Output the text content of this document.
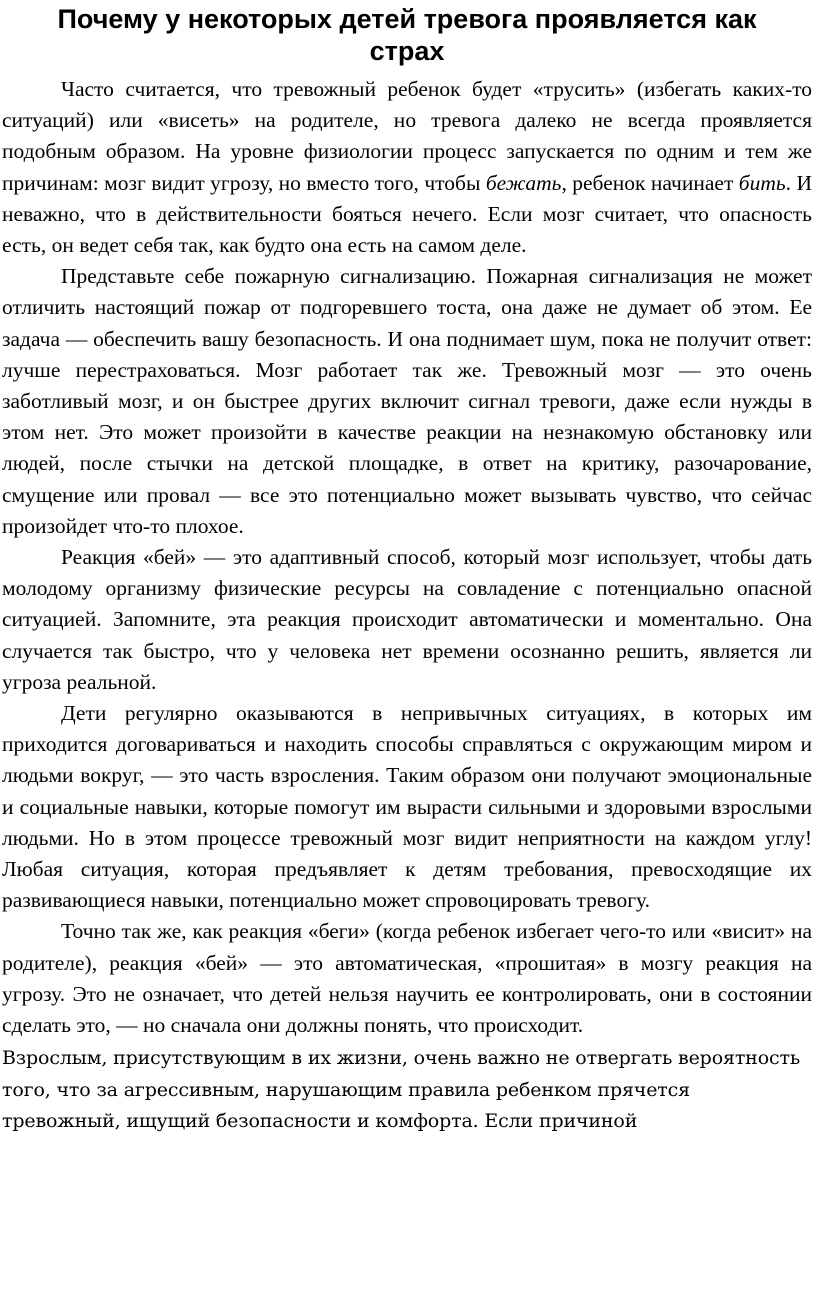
Почему у некоторых детей тревога проявляется как страх

Часто считается, что тревожный ребенок будет «трусить» (избегать каких-то ситуаций) или «висеть» на родителе, но тревога далеко не всегда проявляется подобным образом. На уровне физиологии процесс запускается по одним и тем же причинам: мозг видит угрозу, но вместо того, чтобы бежать, ребенок начинает бить. И неважно, что в действительности бояться нечего. Если мозг считает, что опасность есть, он ведет себя так, как будто она есть на самом деле.

Представьте себе пожарную сигнализацию. Пожарная сигнализация не может отличить настоящий пожар от подгоревшего тоста, она даже не думает об этом. Ее задача — обеспечить вашу безопасность. И она поднимает шум, пока не получит ответ: лучше перестраховаться. Мозг работает так же. Тревожный мозг — это очень заботливый мозг, и он быстрее других включит сигнал тревоги, даже если нужды в этом нет. Это может произойти в качестве реакции на незнакомую обстановку или людей, после стычки на детской площадке, в ответ на критику, разочарование, смущение или провал — все это потенциально может вызывать чувство, что сейчас произойдет что-то плохое.

Реакция «бей» — это адаптивный способ, который мозг использует, чтобы дать молодому организму физические ресурсы на совладение с потенциально опасной ситуацией. Запомните, эта реакция происходит автоматически и моментально. Она случается так быстро, что у человека нет времени осознанно решить, является ли угроза реальной.

Дети регулярно оказываются в непривычных ситуациях, в которых им приходится договариваться и находить способы справляться с окружающим миром и людьми вокруг, — это часть взросления. Таким образом они получают эмоциональные и социальные навыки, которые помогут им вырасти сильными и здоровыми взрослыми людьми. Но в этом процессе тревожный мозг видит неприятности на каждом углу! Любая ситуация, которая предъявляет к детям требования, превосходящие их развивающиеся навыки, потенциально может спровоцировать тревогу.

Точно так же, как реакция «беги» (когда ребенок избегает чего-то или «висит» на родителе), реакция «бей» — это автоматическая, «прошитая» в мозгу реакция на угрозу. Это не означает, что детей нельзя научить ее контролировать, они в состоянии сделать это, — но сначала они должны понять, что происходит.

Взрослым, присутствующим в их жизни, очень важно не отвергать вероятность того, что за агрессивным, нарушающим правила ребенком прячется тревожный, ищущий безопасности и комфорта. Если причиной
